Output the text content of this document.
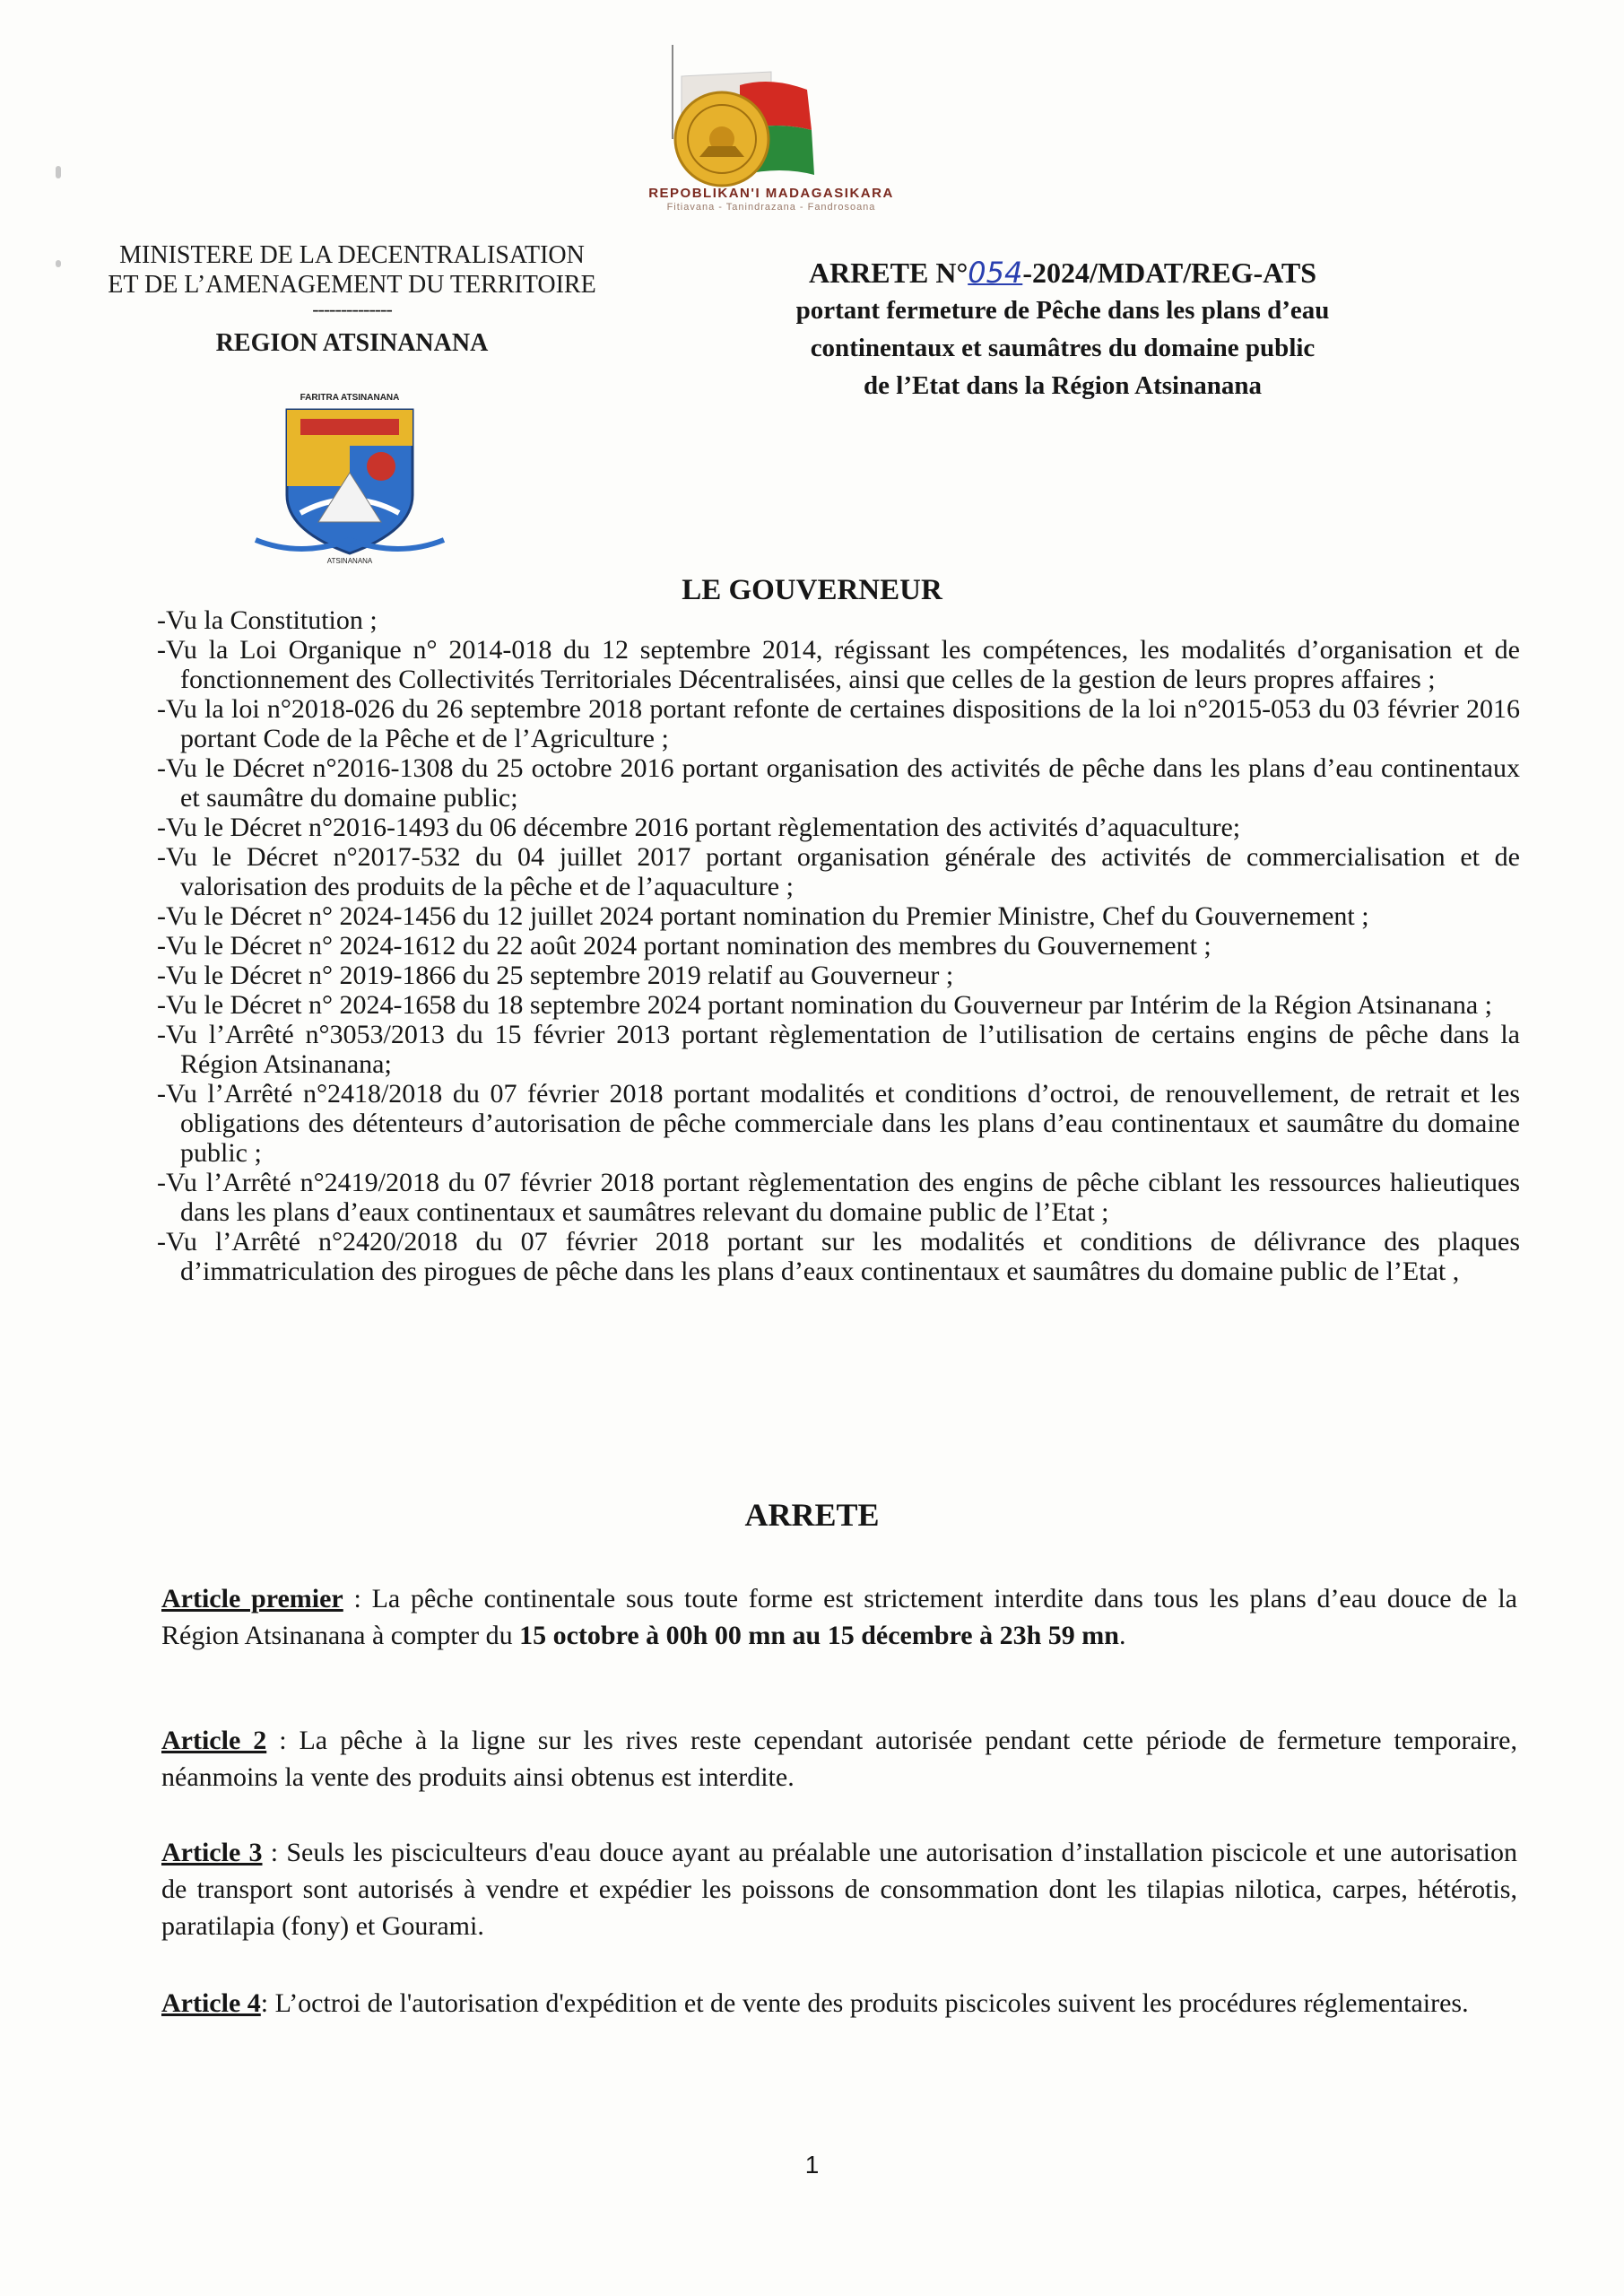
REPOBLIKAN'I MADAGASIKARA
Fitiavana - Tanindrazana - Fandrosoana
MINISTERE DE LA DECENTRALISATION
ET DE L’AMENAGEMENT DU TERRITOIRE
--------------
REGION ATSINANANA
FARITRA ATSINANANA
ATSINANANA
ARRETE N°054-2024/MDAT/REG-ATS
portant fermeture de Pêche dans les plans d’eau
continentaux et saumâtres du domaine public
de l’Etat dans la Région Atsinanana
LE GOUVERNEUR
-Vu la Constitution ;
-Vu la Loi Organique n° 2014-018 du 12 septembre 2014, régissant les compétences, les modalités d’organisation et de fonctionnement des Collectivités Territoriales Décentralisées, ainsi que celles de la gestion de leurs propres affaires ;
-Vu la loi n°2018-026 du 26 septembre 2018 portant refonte de certaines dispositions de la loi n°2015-053 du 03 février 2016 portant Code de la Pêche et de l’Agriculture ;
-Vu le Décret n°2016-1308 du 25 octobre 2016 portant organisation des activités de pêche dans les plans d’eau continentaux et saumâtre du domaine public;
-Vu le Décret n°2016-1493 du 06 décembre 2016 portant règlementation des activités d’aquaculture;
-Vu le Décret n°2017-532 du 04 juillet 2017 portant organisation générale des activités de commercialisation et de valorisation des produits de la pêche et de l’aquaculture ;
-Vu le Décret n° 2024-1456 du 12 juillet 2024 portant nomination du Premier Ministre, Chef du Gouvernement ;
-Vu le Décret n° 2024-1612 du 22 août 2024 portant nomination des membres du Gouvernement ;
-Vu le Décret n° 2019-1866 du 25 septembre 2019 relatif au Gouverneur ;
-Vu le Décret n° 2024-1658 du 18 septembre 2024 portant nomination du Gouverneur par Intérim de la Région Atsinanana ;
-Vu l’Arrêté n°3053/2013 du 15 février 2013 portant règlementation de l’utilisation de certains engins de pêche dans la Région Atsinanana;
-Vu l’Arrêté n°2418/2018 du 07 février 2018 portant modalités et conditions d’octroi, de renouvellement, de retrait et les obligations des détenteurs d’autorisation de pêche commerciale dans les plans d’eau continentaux et saumâtre du domaine public ;
-Vu l’Arrêté n°2419/2018 du 07 février 2018 portant règlementation des engins de pêche ciblant les ressources halieutiques dans les plans d’eaux continentaux et saumâtres relevant du domaine public de l’Etat ;
-Vu l’Arrêté n°2420/2018 du 07 février 2018 portant sur les modalités et conditions de délivrance des plaques d’immatriculation des pirogues de pêche dans les plans d’eaux continentaux et saumâtres du domaine public de l’Etat ,
ARRETE
Article premier : La pêche continentale sous toute forme est strictement interdite dans tous les plans d’eau douce de la Région Atsinanana à compter du 15 octobre à 00h 00 mn au 15 décembre à 23h 59 mn.
Article 2 : La pêche à la ligne sur les rives reste cependant autorisée pendant cette période de fermeture temporaire, néanmoins la vente des produits ainsi obtenus est interdite.
Article 3 : Seuls les pisciculteurs d'eau douce ayant au préalable une autorisation d’installation piscicole et une autorisation de transport sont autorisés à vendre et expédier les poissons de consommation dont les tilapias nilotica, carpes, hétérotis, paratilapia (fony) et Gourami.
Article 4: L’octroi de l'autorisation d'expédition et de vente des produits piscicoles suivent les procédures réglementaires.
1
